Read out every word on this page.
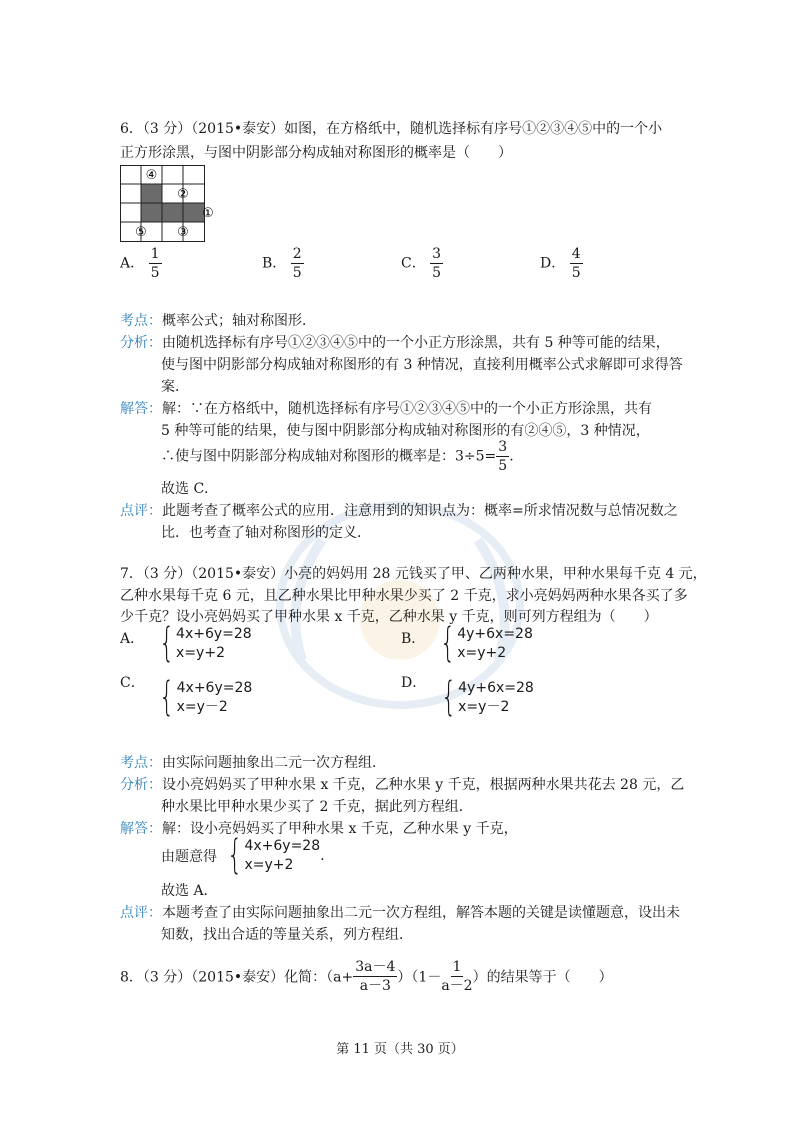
6．（3 分）（2015•泰安）如图，在方格纸中，随机选择标有序号①②③④⑤中的一个小
正方形涂黑，与图中阴影部分构成轴对称图形的概率是（　　）
④
②
①
⑤ ③
A． $\frac{1}{5}$	B． $\frac{2}{5}$	C． $\frac{3}{5}$	D． $\frac{4}{5}$
考点：概率公式；轴对称图形．
分析：由随机选择标有序号①②③④⑤中的一个小正方形涂黑，共有 5 种等可能的结果，
使与图中阴影部分构成轴对称图形的有 3 种情况，直接利用概率公式求解即可求得答
案．
解答：解：∵在方格纸中，随机选择标有序号①②③④⑤中的一个小正方形涂黑，共有
5 种等可能的结果，使与图中阴影部分构成轴对称图形的有②④⑤，3 种情况，
∴使与图中阴影部分构成轴对称图形的概率是：$3\div 5= \frac{3}{5}$ .
故选 C．
点评：此题考查了概率公式的应用．注意用到的知识点为：概率=所求情况数与总情况数之
比．也考查了轴对称图形的定义．
7．（3 分）（2015•泰安）小亮的妈妈用 28 元钱买了甲、乙两种水果，甲种水果每千克 4 元，
乙种水果每千克 6 元，且乙种水果比甲种水果少买了 2 千克，求小亮妈妈两种水果各买了多
少千克？设小亮妈妈买了甲种水果 x 千克，乙种水果 y 千克，则可列方程组为（　　）
A． { 4x+6y=28
x=y+2
B． { 4y+6x=28
x=y+2
C． { 4x+6y=28
x=y－2
D． { 4y+6x=28
x=y－2
考点：由实际问题抽象出二元一次方程组．
分析：设小亮妈妈买了甲种水果 x 千克，乙种水果 y 千克，根据两种水果共花去 28 元，乙
种水果比甲种水果少买了 2 千克，据此列方程组．
解答：解：设小亮妈妈买了甲种水果 x 千克，乙种水果 y 千克，
由题意得 { 4x+6y=28
x=y+2
.
故选 A．
点评：本题考查了由实际问题抽象出二元一次方程组，解答本题的关键是读懂题意，设出未
知数，找出合适的等量关系，列方程组．
8．（3 分）（2015•泰安）化简：$(a+ \frac{3a-4}{a-3} )(1- \frac{1}{a-2}$ ）的结果等于（　　）
第 11 页（共 30 页）
